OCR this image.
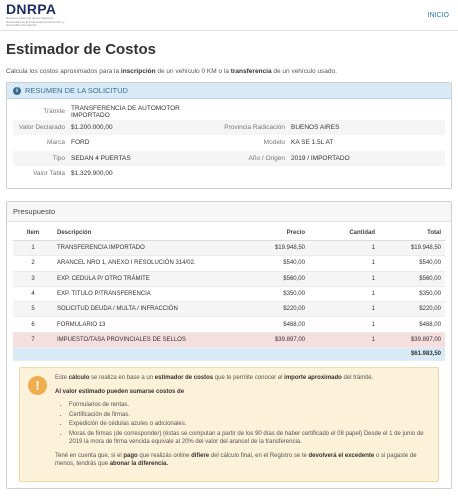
DNRPA
Dirección Nacional de los Registros Nacionales de la Propiedad del Automotor y de Créditos Prendarios
INICIO
Estimador de Costos
Calcula los costos aproximados para la inscripción de un vehículo 0 KM o la transferencia de un vehículo usado.
i RESUMEN DE LA SOLICITUD
Trámite TRANSFERENCIA DE AUTOMOTOR IMPORTADO
Valor Declarado $1.200.000,00	Provincia Radicación BUENOS AIRES
Marca FORD	Modelo KA SE 1.5L AT
Tipo SEDAN 4 PUERTAS	Año / Origen 2019 / IMPORTADO
Valor Tabla $1.329.900,00
Presupuesto
Item	Descripción	Precio	Cantidad	Total
1	TRANSFERENCIA IMPORTADO	$19.948,50	1	$19.948,50
2	ARANCEL NRO 1, ANEXO I RESOLUCIÓN 314/02.	$540,00	1	$540,00
3	EXP. CEDULA P/ OTRO TRÁMITE	$560,00	1	$560,00
4	EXP. TITULO P/TRANSFERENCIA	$350,00	1	$350,00
5	SOLICITUD DEUDA / MULTA / INFRACCIÓN	$220,00	1	$220,00
6	FORMULARIO 13	$468,00	1	$468,00
7	IMPUESTO/TASA PROVINCIALES DE SELLOS	$39.897,00	1	$39.897,00
				$61.983,50
!	Este cálculo se realiza en base a un estimador de costos que te permite conocer el importe aproximado del trámite.

Al valor estimado pueden sumarse costos de

• Formularios de rentas.
• Certificación de firmas.
• Expedición de cédulas azules o adicionales.
• Moras de firmas (de corresponder) (éstas se computan a partir de los 90 días de haber certificado el 08 papel) Desde el 1 de junio de 2019 la mora de firma vencida equivale al 20% del valor del arancel de la transferencia.

Tené en cuenta que, si el pago que realizás online difiere del cálculo final, en el Registro se te devolverá el excedente o si pagaste de menos, tendrás que abonar la diferencia.
